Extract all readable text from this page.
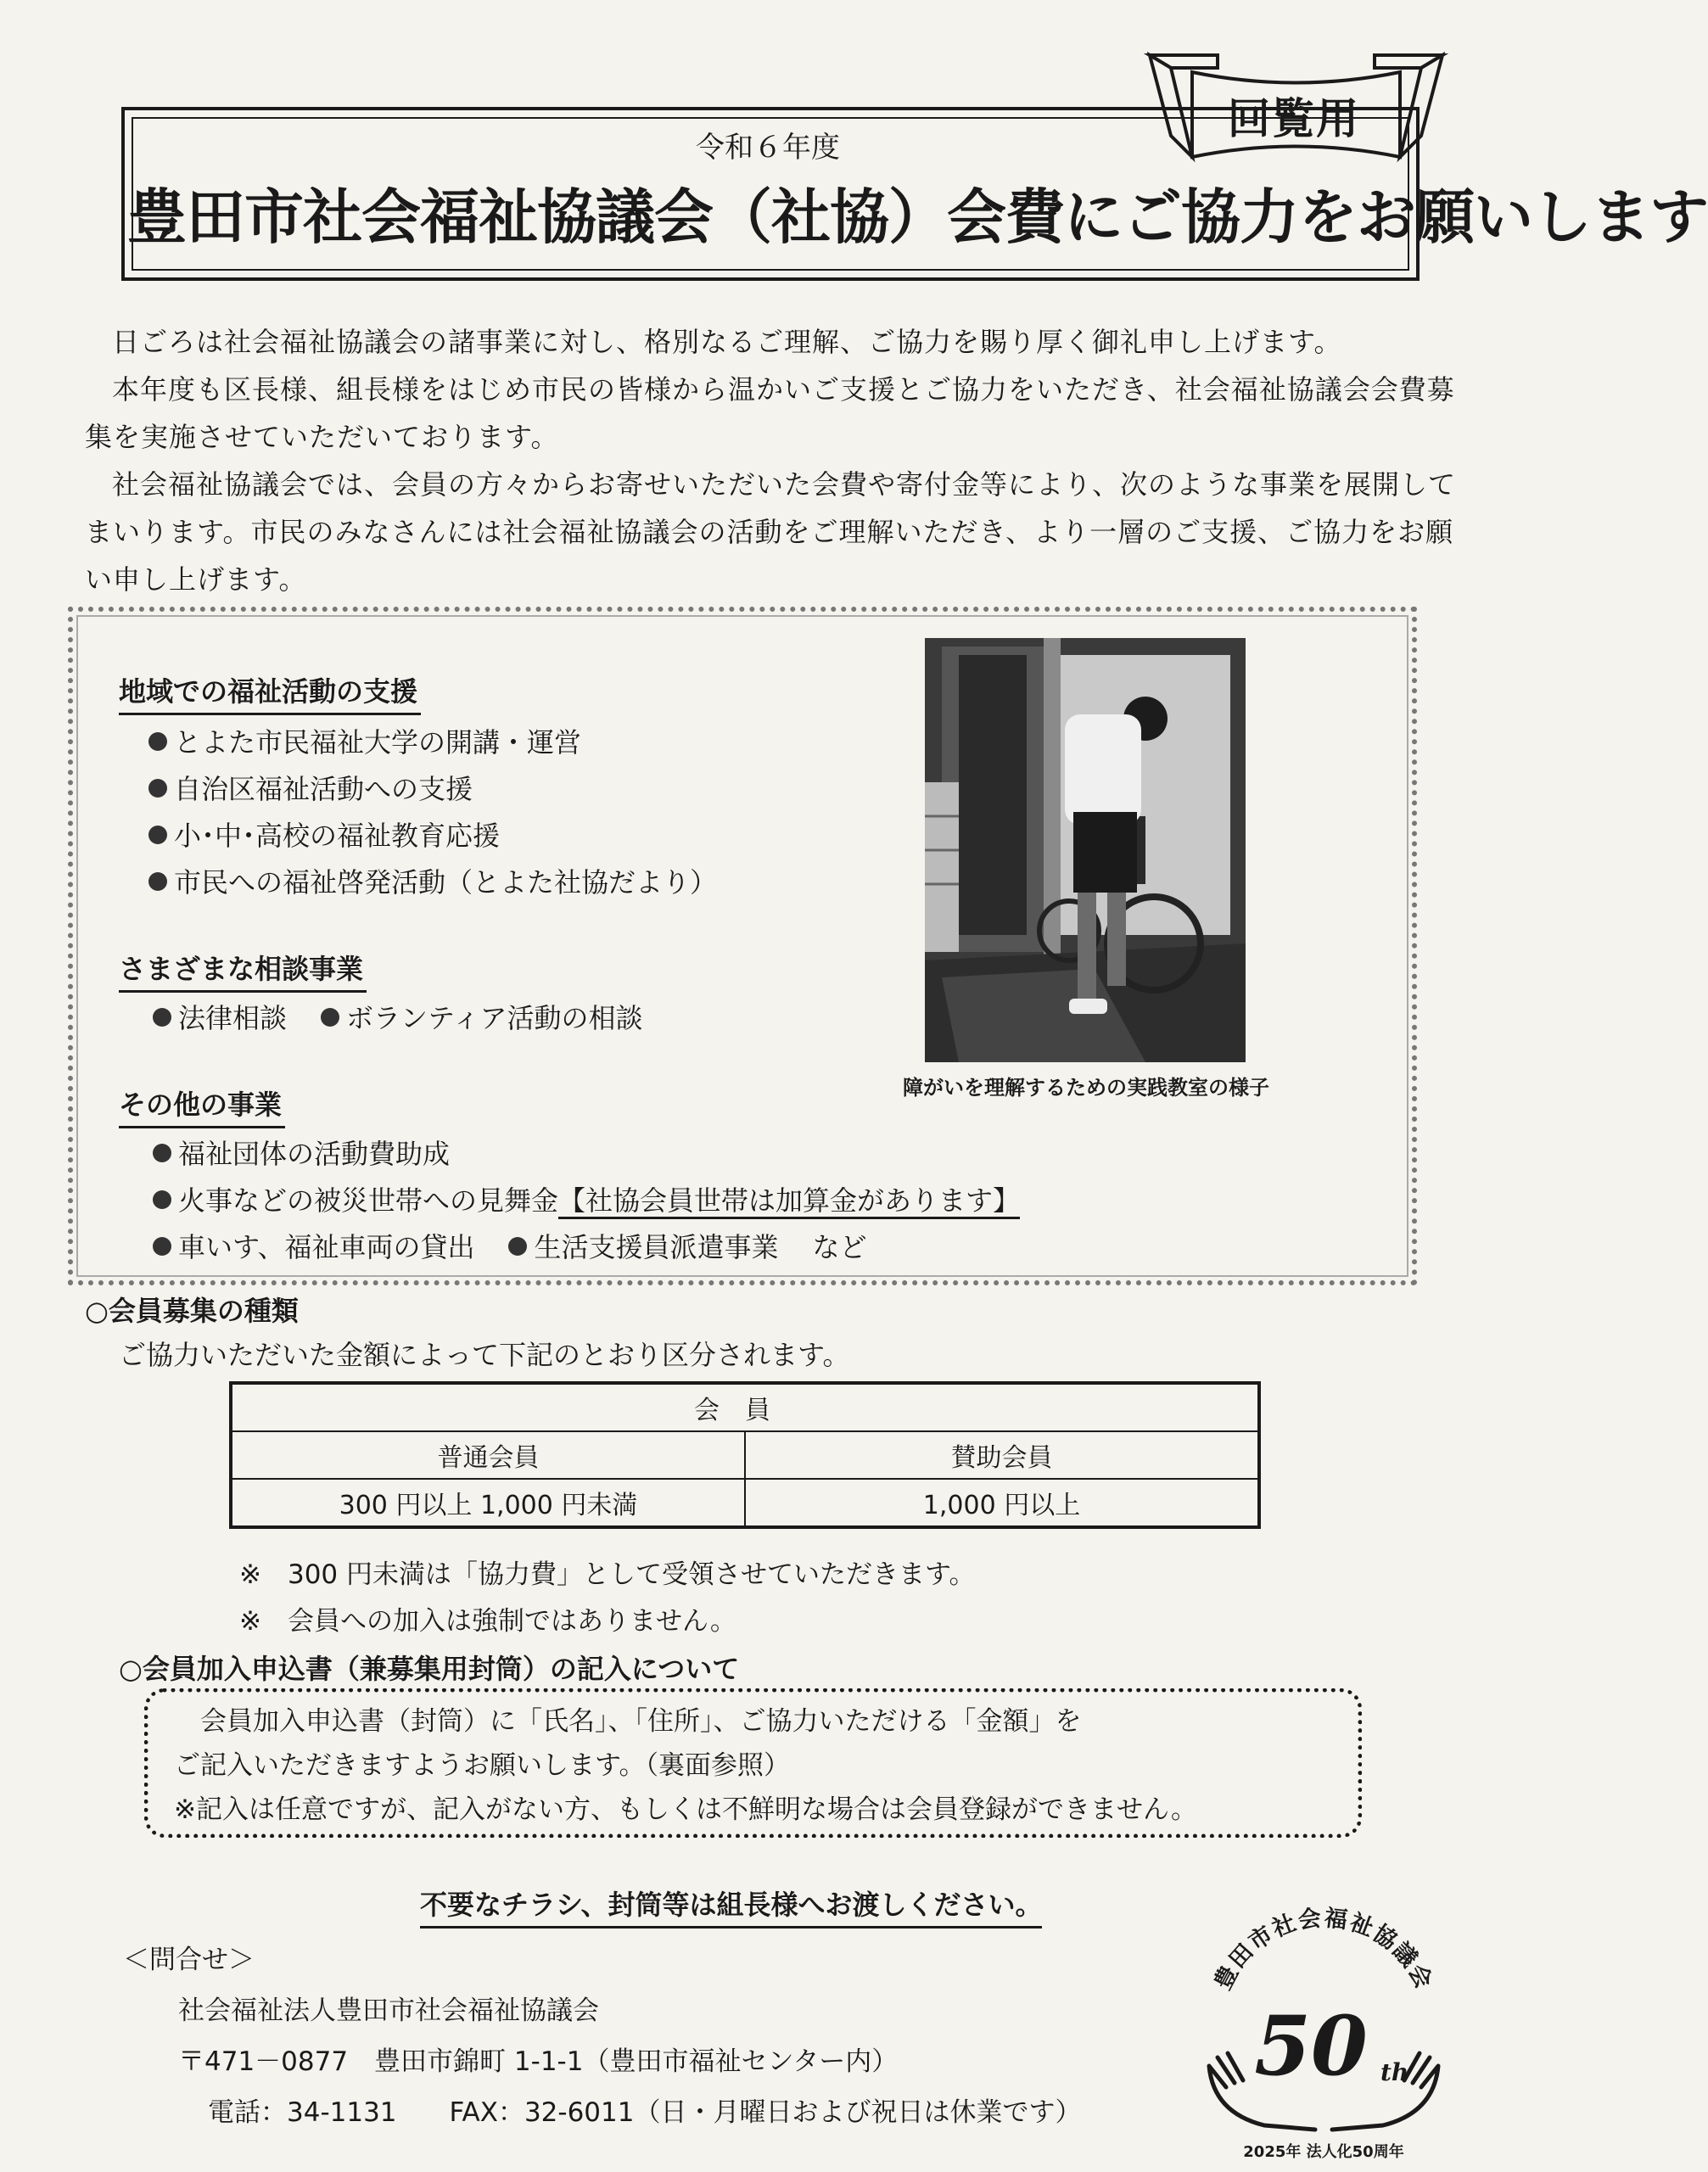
回覧用
令和６年度
豊田市社会福祉協議会（社協）会費にご協力をお願いします

日ごろは社会福祉協議会の諸事業に対し、格別なるご理解、ご協力を賜り厚く御礼申し上げます。

本年度も区長様、組長様をはじめ市民の皆様から温かいご支援とご協力をいただき、社会福祉協議会会費募集を実施させていただいております。

社会福祉協議会では、会員の方々からお寄せいただいた会費や寄付金等により、次のような事業を展開してまいります。市民のみなさんには社会福祉協議会の活動をご理解いただき、より一層のご支援、ご協力をお願い申し上げます。

地域での福祉活動の支援
とよた市民福祉大学の開講・運営
自治区福祉活動への支援
小･中･高校の福祉教育応援
市民への福祉啓発活動（とよた社協だより）
さまざまな相談事業
法律相談 ボランティア活動の相談
その他の事業
福祉団体の活動費助成
火事などの被災世帯への見舞金【社協会員世帯は加算金があります】
車いす、福祉車両の貸出 生活支援員派遣事業 など
障がいを理解するための実践教室の様子
○会員募集の種類
ご協力いただいた金額によって下記のとおり区分されます。
会員	
普通会員	賛助会員
300 円以上 1,000 円未満	1,000 円以上
※　300 円未満は「協力費」として受領させていただきます。
※　会員への加入は強制ではありません。
○会員加入申込書（兼募集用封筒）の記入について
　会員加入申込書（封筒）に「氏名」、「住所」、ご協力いただける「金額」を
ご記入いただきますようお願いします。（裏面参照）
※記入は任意ですが、記入がない方、もしくは不鮮明な場合は会員登録ができません。
不要なチラシ、封筒等は組長様へお渡しください。
＜問合せ＞
社会福祉法人豊田市社会福祉協議会
〒471－0877　豊田市錦町 1-1-1（豊田市福祉センター内）
電話：34-1131　　FAX：32-6011（日・月曜日および祝日は休業です）
豊田市社会福祉協議会
50 th
2025年 法人化50周年
